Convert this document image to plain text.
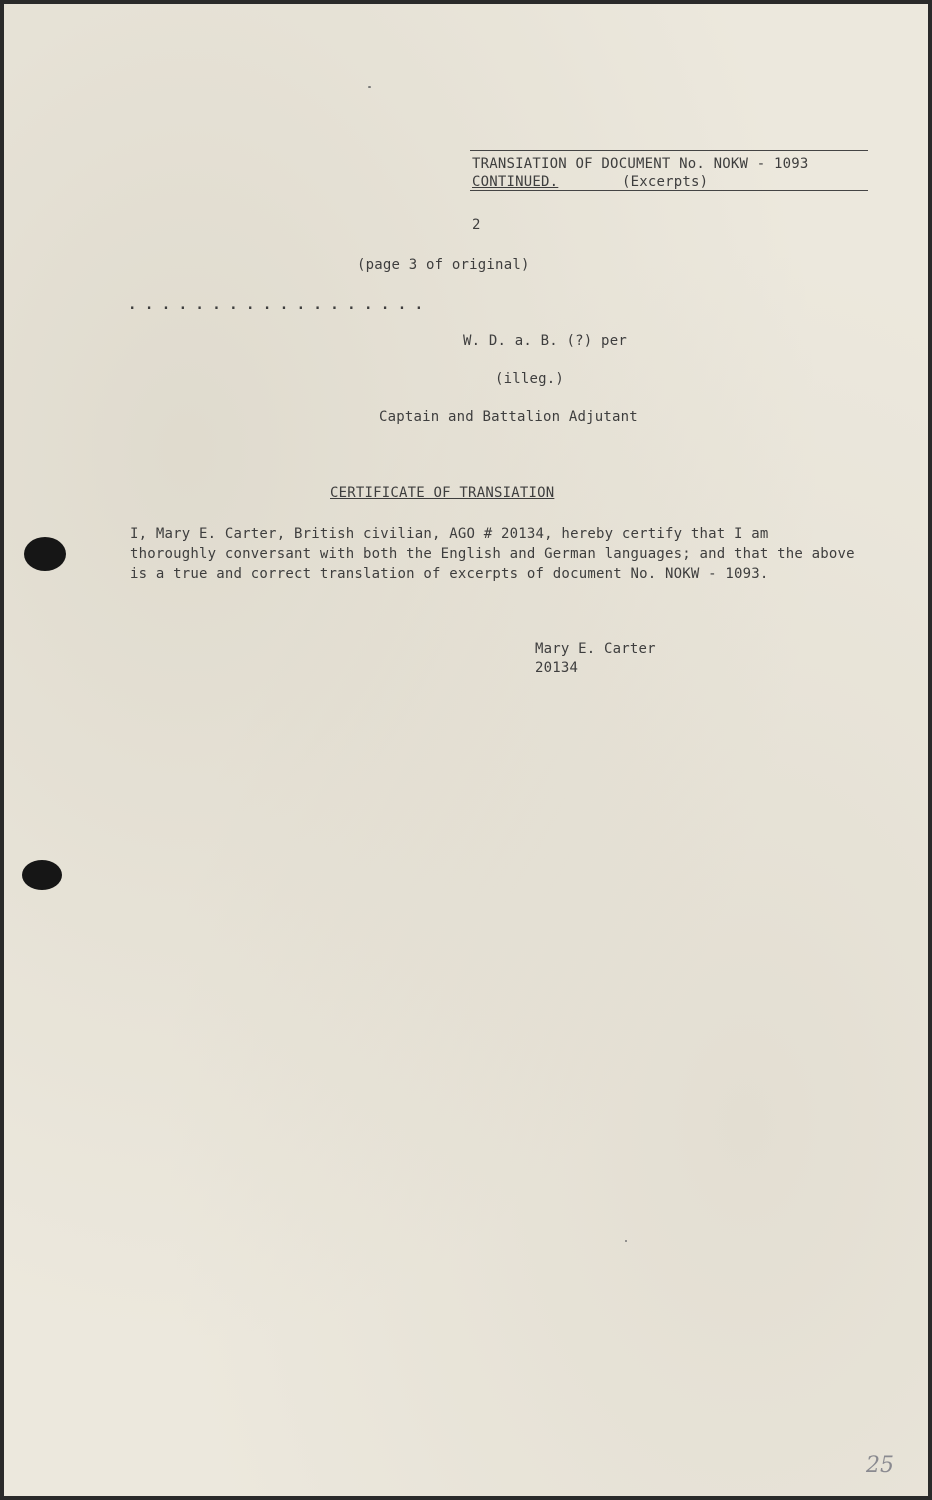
TRANSIATION OF DOCUMENT No. NOKW - 1093
CONTINUED.	(Excerpts)
2
(page 3 of original)
. . . . . . . . . . . . . . . . . .
W. D. a. B. (?) per
(illeg.)
Captain and Battalion Adjutant
CERTIFICATE OF TRANSIATION
I, Mary E. Carter, British civilian, AGO # 20134, hereby certify that I am thoroughly conversant with both the English and German languages; and that the above is a true and correct translation of excerpts of document No. NOKW - 1093.
Mary E. Carter
20134
25
